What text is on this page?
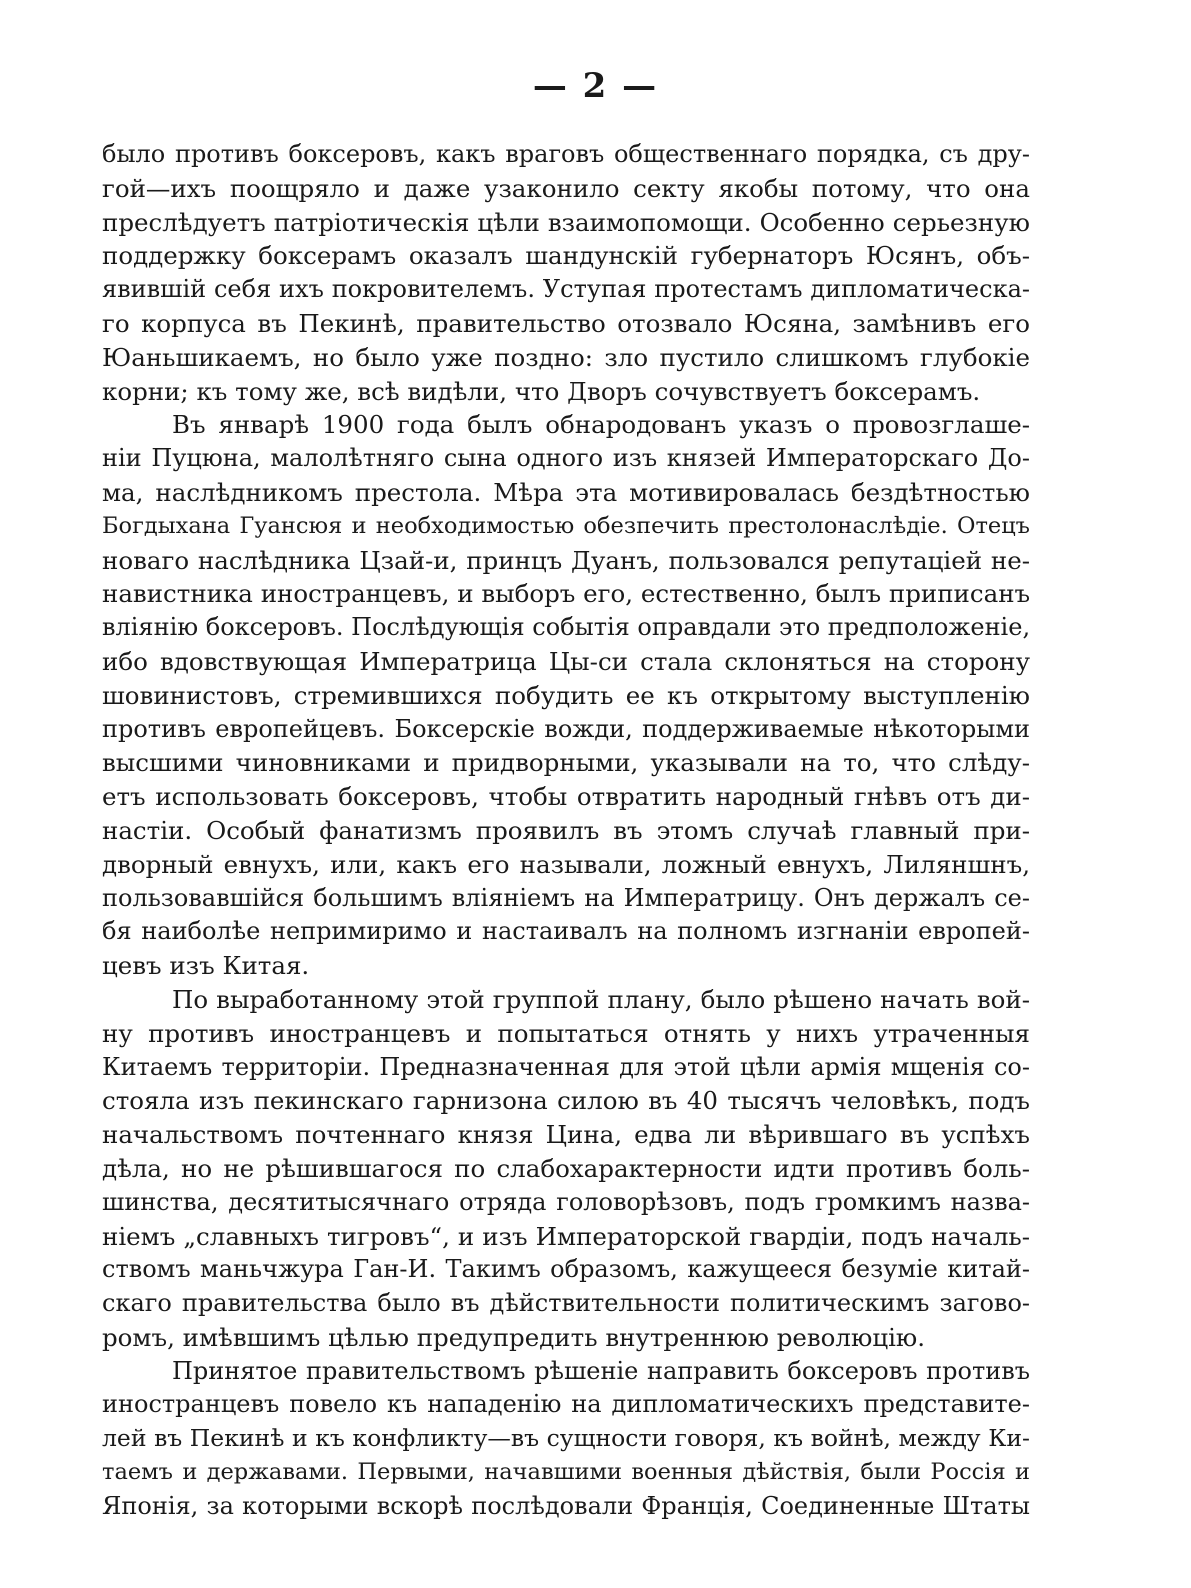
— 2 —
было противъ боксеровъ, какъ враговъ общественнаго порядка, съ дру-
гой—ихъ поощряло и даже узаконило секту якобы потому, что она
преслѣдуетъ патріотическія цѣли взаимопомощи. Особенно серьезную
поддержку боксерамъ оказалъ шандунскій губернаторъ Юсянъ, объ-
явившій себя ихъ покровителемъ. Уступая протестамъ дипломатическа-
го корпуса въ Пекинѣ, правительство отозвало Юсяна, замѣнивъ его
Юаньшикаемъ, но было уже поздно: зло пустило слишкомъ глубокіе
корни; къ тому же, всѣ видѣли, что Дворъ сочувствуетъ боксерамъ.
Въ январѣ 1900 года былъ обнародованъ указъ о провозглаше-
ніи Пуцюна, малолѣтняго сына одного изъ князей Императорскаго До-
ма, наслѣдникомъ престола. Мѣра эта мотивировалась бездѣтностью
Богдыхана Гуансюя и необходимостью обезпечить престолонаслѣдіе. Отецъ
новаго наслѣдника Цзай-и, принцъ Дуанъ, пользовался репутаціей не-
навистника иностранцевъ, и выборъ его, естественно, былъ приписанъ
вліянію боксеровъ. Послѣдующія событія оправдали это предположеніе,
ибо вдовствующая Императрица Цы-си стала склоняться на сторону
шовинистовъ, стремившихся побудить ее къ открытому выступленію
противъ европейцевъ. Боксерскіе вожди, поддерживаемые нѣкоторыми
высшими чиновниками и придворными, указывали на то, что слѣду-
етъ использовать боксеровъ, чтобы отвратить народный гнѣвъ отъ ди-
настіи. Особый фанатизмъ проявилъ въ этомъ случаѣ главный при-
дворный евнухъ, или, какъ его называли, ложный евнухъ, Лиляншнъ,
пользовавшійся большимъ вліяніемъ на Императрицу. Онъ держалъ се-
бя наиболѣе непримиримо и настаивалъ на полномъ изгнаніи европей-
цевъ изъ Китая.
По выработанному этой группой плану, было рѣшено начать вой-
ну противъ иностранцевъ и попытаться отнять у нихъ утраченныя
Китаемъ территоріи. Предназначенная для этой цѣли армія мщенія со-
стояла изъ пекинскаго гарнизона силою въ 40 тысячъ человѣкъ, подъ
начальствомъ почтеннаго князя Цина, едва ли вѣрившаго въ успѣхъ
дѣла, но не рѣшившагося по слабохарактерности идти противъ боль-
шинства, десятитысячнаго отряда головорѣзовъ, подъ громкимъ назва-
ніемъ „славныхъ тигровъ“, и изъ Императорской гвардіи, подъ началь-
ствомъ маньчжура Ган-И. Такимъ образомъ, кажущееся безуміе китай-
скаго правительства было въ дѣйствительности политическимъ загово-
ромъ, имѣвшимъ цѣлью предупредить внутреннюю революцію.
Принятое правительствомъ рѣшеніе направить боксеровъ противъ
иностранцевъ повело къ нападенію на дипломатическихъ представите-
лей въ Пекинѣ и къ конфликту—въ сущности говоря, къ войнѣ, между Ки-
таемъ и державами. Первыми, начавшими военныя дѣйствія, были Россія и
Японія, за которыми вскорѣ послѣдовали Франція, Соединенные Штаты
